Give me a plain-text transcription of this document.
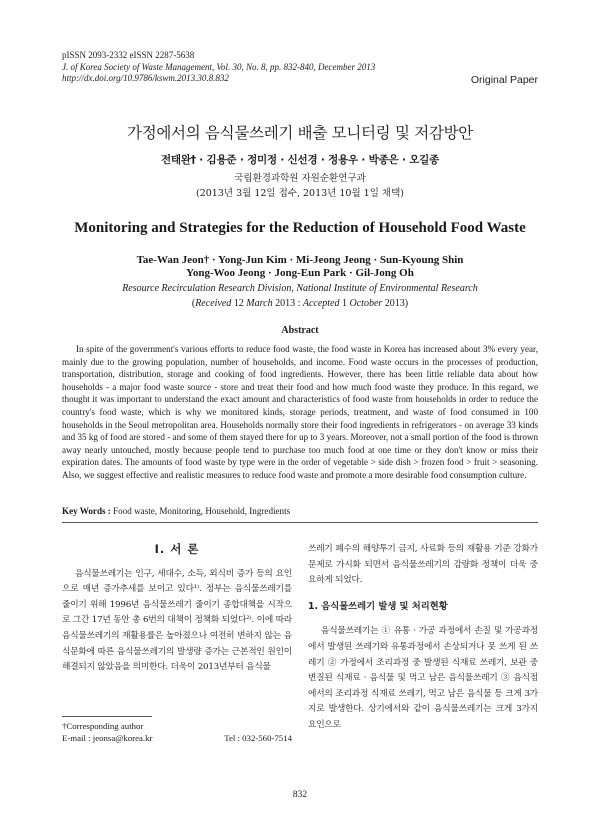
pISSN 2093-2332 eISSN 2287-5638
J. of Korea Society of Waste Management, Vol. 30, No. 8, pp. 832-840, December 2013
http://dx.doi.org/10.9786/kswm.2013.30.8.832	Original Paper
가정에서의 음식물쓰레기 배출 모니터링 및 저감방안
전태완† · 김용준 · 정미정 · 신선경 · 정용우 · 박종은 · 오길종
국립환경과학원 자원순환연구과
(2013년 3월 12일 접수, 2013년 10월 1일 채택)
Monitoring and Strategies for the Reduction of Household Food Waste
Tae-Wan Jeon† · Yong-Jun Kim · Mi-Jeong Jeong · Sun-Kyoung Shin
Yong-Woo Jeong · Jong-Eun Park · Gil-Jong Oh
Resource Recirculation Research Division, National Institute of Environmental Research
(Received 12 March 2013 : Accepted 1 October 2013)
Abstract

In spite of the government's various efforts to reduce food waste, the food waste in Korea has increased about 3% every year, mainly due to the growing population, number of households, and income. Food waste occurs in the processes of production, transportation, distribution, storage and cooking of food ingredients. However, there has been little reliable data about how households - a major food waste source - store and treat their food and how much food waste they produce. In this regard, we thought it was important to understand the exact amount and characteristics of food waste from households in order to reduce the country's food waste, which is why we monitored kinds, storage periods, treatment, and waste of food consumed in 100 households in the Seoul metropolitan area. Households normally store their food ingredients in refrigerators - on average 33 kinds and 35 kg of food are stored - and some of them stayed there for up to 3 years. Moreover, not a small portion of the food is thrown away nearly untouched, mostly because people tend to purchase too much food at one time or they don't know or miss their expiration dates. The amounts of food waste by type were in the order of vegetable > side dish > frozen food > fruit > seasoning. Also, we suggest effective and realistic measures to reduce food waste and promote a more desirable food consumption culture.

Key Words : Food waste, Monitoring, Household, Ingredients
I. 서 론

음식물쓰레기는 인구, 세대수, 소득, 외식비 증가 등의 요인으로 매년 증가추세를 보이고 있다¹⁾. 정부는 음식물쓰레기를 줄이기 위해 1996년 음식물쓰레기 줄이기 종합대책을 시작으로 그간 17년 동안 총 6번의 대책이 정책화 되었다²⁾. 이에 따라 음식물쓰레기의 재활용률은 높아졌으나 여전히 변하지 않는 음식문화에 따른 음식물쓰레기의 발생량 증가는 근본적인 원인이 해결되지 않았음을 의미한다. 더욱이 2013년부터 음식물

쓰레기 폐수의 해양투기 금지, 사료화 등의 재활용 기준 강화가 문제로 가시화 되면서 음식물쓰레기의 감량화 정책이 더욱 중요하게 되었다.

1. 음식물쓰레기 발생 및 처리현황

음식물쓰레기는 ① 유통 · 가공 과정에서 손질 및 가공과정에서 발생된 쓰레기와 유통과정에서 손상되거나 못 쓰게 된 쓰레기 ② 가정에서 조리과정 중 발생된 식재료 쓰레기, 보관 중 변질된 식재료 · 음식물 및 먹고 남은 음식물쓰레기 ③ 음식점에서의 조리과정 식재료 쓰레기, 먹고 남은 음식물 등 크게 3가지로 발생한다. 상기에서와 같이 음식물쓰레기는 크게 3가지 요인으로

†Corresponding author
E-mail : jeonsa@korea.kr	Tel : 032-560-7514
832
